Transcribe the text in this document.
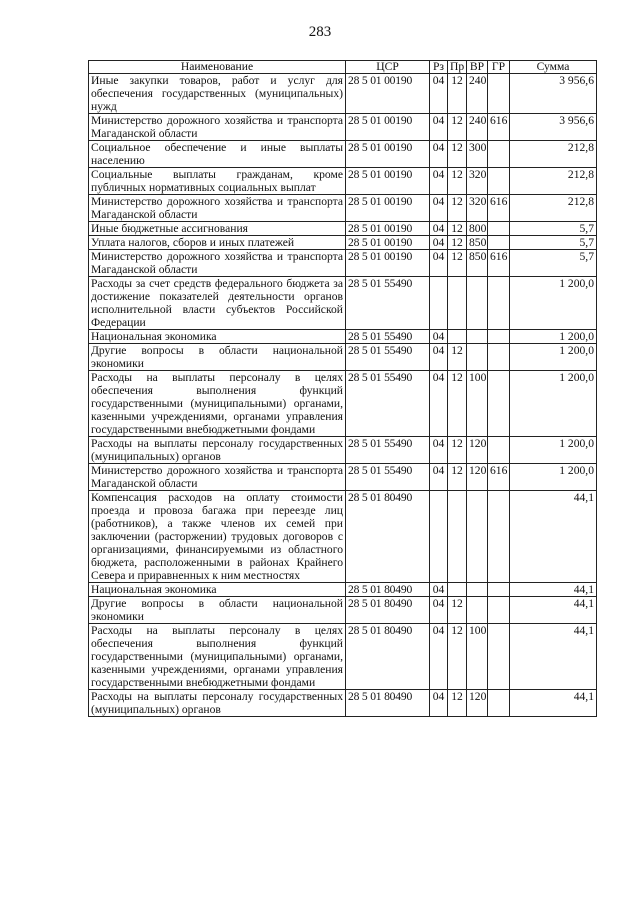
283
Наименование	ЦСР	Рз	Пр	ВР	ГР	Сумма
Иные закупки товаров, работ и услуг для обеспечения государственных (муниципальных) нужд	28 5 01 00190	04	12	240		3 956,6
Министерство дорожного хозяйства и транспорта Магаданской области	28 5 01 00190	04	12	240	616	3 956,6
Социальное обеспечение и иные выплаты населению	28 5 01 00190	04	12	300		212,8
Социальные выплаты гражданам, кроме публичных нормативных социальных выплат	28 5 01 00190	04	12	320		212,8
Министерство дорожного хозяйства и транспорта Магаданской области	28 5 01 00190	04	12	320	616	212,8
Иные бюджетные ассигнования	28 5 01 00190	04	12	800		5,7
Уплата налогов, сборов и иных платежей	28 5 01 00190	04	12	850		5,7
Министерство дорожного хозяйства и транспорта Магаданской области	28 5 01 00190	04	12	850	616	5,7
Расходы за счет средств федерального бюджета за достижение показателей деятельности органов исполнительной власти субъектов Российской Федерации	28 5 01 55490					1 200,0
Национальная экономика	28 5 01 55490	04				1 200,0
Другие вопросы в области национальной экономики	28 5 01 55490	04	12			1 200,0
Расходы на выплаты персоналу в целях обеспечения выполнения функций государственными (муниципальными) органами, казенными учреждениями, органами управления государственными внебюджетными фондами	28 5 01 55490	04	12	100		1 200,0
Расходы на выплаты персоналу государственных (муниципальных) органов	28 5 01 55490	04	12	120		1 200,0
Министерство дорожного хозяйства и транспорта Магаданской области	28 5 01 55490	04	12	120	616	1 200,0
Компенсация расходов на оплату стоимости проезда и провоза багажа при переезде лиц (работников), а также членов их семей при заключении (расторжении) трудовых договоров с организациями, финансируемыми из областного бюджета, расположенными в районах Крайнего Севера и приравненных к ним местностях	28 5 01 80490					44,1
Национальная экономика	28 5 01 80490	04				44,1
Другие вопросы в области национальной экономики	28 5 01 80490	04	12			44,1
Расходы на выплаты персоналу в целях обеспечения выполнения функций государственными (муниципальными) органами, казенными учреждениями, органами управления государственными внебюджетными фондами	28 5 01 80490	04	12	100		44,1
Расходы на выплаты персоналу государственных (муниципальных) органов	28 5 01 80490	04	12	120		44,1
